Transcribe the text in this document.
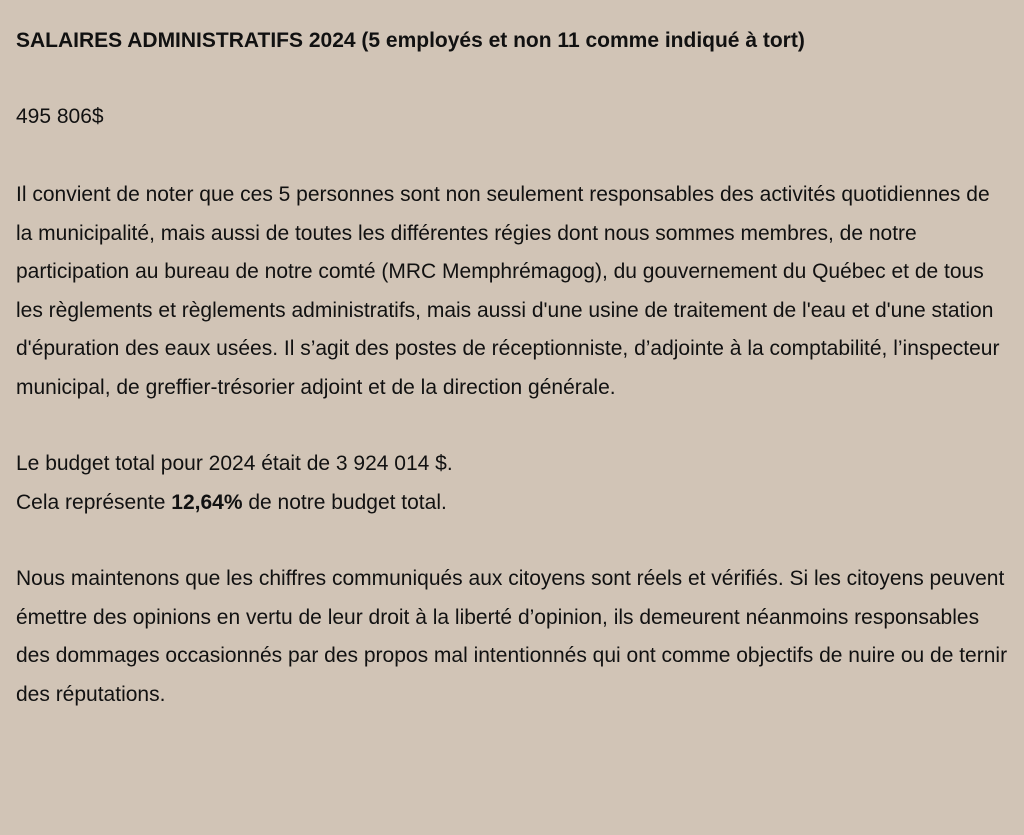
SALAIRES ADMINISTRATIFS 2024 (5 employés et non 11 comme indiqué à tort)

495 806$

Il convient de noter que ces 5 personnes sont non seulement responsables des activités quotidiennes de la municipalité, mais aussi de toutes les différentes régies dont nous sommes membres, de notre participation au bureau de notre comté (MRC Memphrémagog), du gouvernement du Québec et de tous les règlements et règlements administratifs, mais aussi d'une usine de traitement de l'eau et d'une station d'épuration des eaux usées. Il s’agit des postes de réceptionniste, d’adjointe à la comptabilité, l’inspecteur municipal, de greffier-trésorier adjoint et de la direction générale.

Le budget total pour 2024 était de 3 924 014 $.
Cela représente 12,64% de notre budget total.

Nous maintenons que les chiffres communiqués aux citoyens sont réels et vérifiés. Si les citoyens peuvent émettre des opinions en vertu de leur droit à la liberté d’opinion, ils demeurent néanmoins responsables des dommages occasionnés par des propos mal intentionnés qui ont comme objectifs de nuire ou de ternir des réputations.
